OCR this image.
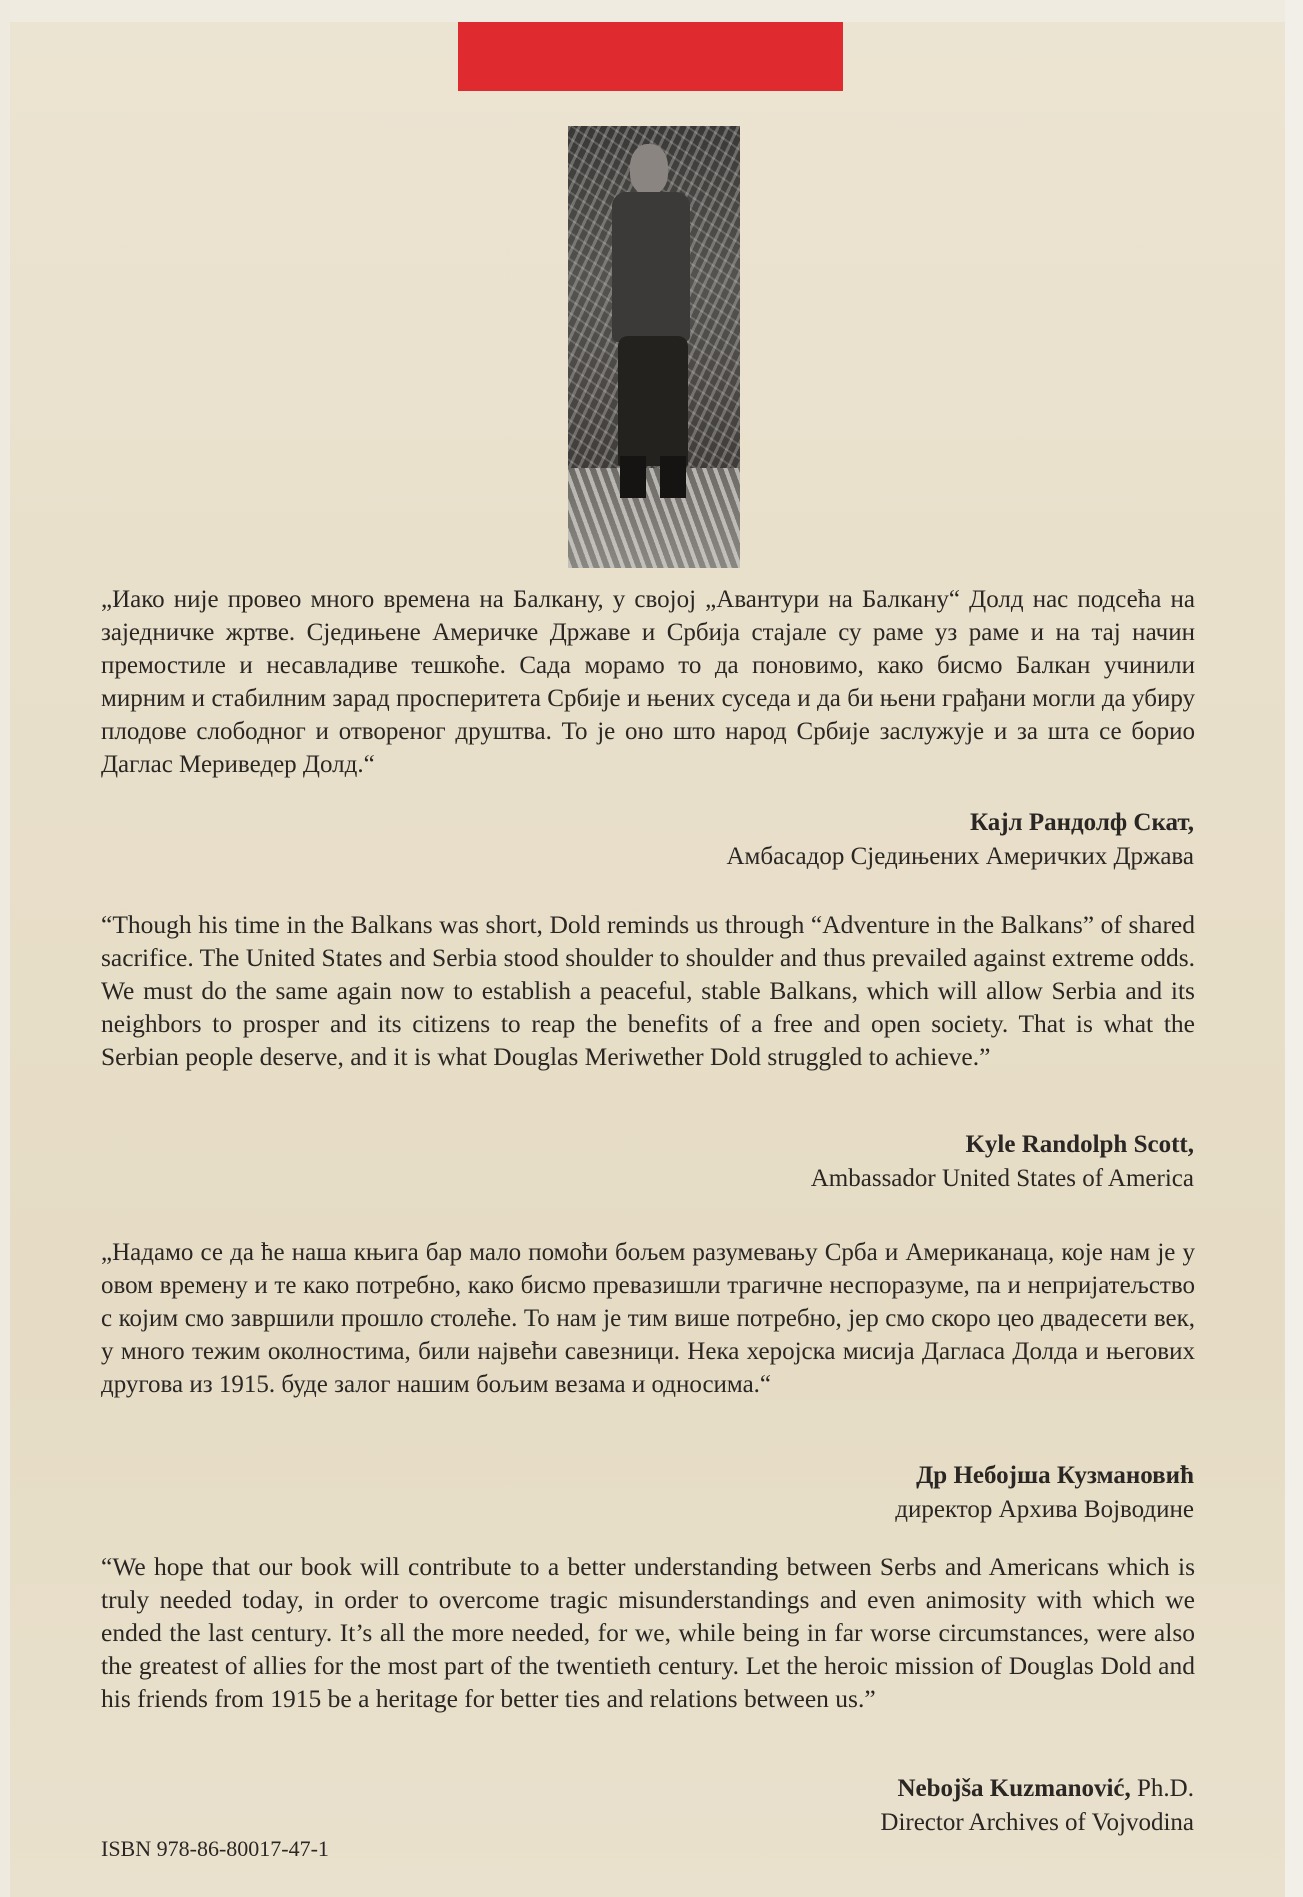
„Иако није провео много времена на Балкану, у својој „Авантури на Балкану“ Долд нас подсећа на заједничке жртве. Сједињене Америчке Државе и Србија стајале су раме уз раме и на тај начин премостиле и несавладиве тешкоће. Сада морамо то да поновимо, како бисмо Балкан учинили мирним и стабилним зарад просперитета Србије и њених суседа и да би њени грађани могли да убиру плодове слободног и отвореног друштва. То је оно што народ Србије заслужује и за шта се борио Даглас Мериведер Долд.“
Кајл Рандолф Скат,
Амбасадор Сједињених Америчких Држава
“Though his time in the Balkans was short, Dold reminds us through “Adventure in the Balkans” of shared sacrifice. The United States and Serbia stood shoulder to shoulder and thus prevailed against extreme odds. We must do the same again now to establish a peaceful, stable Balkans, which will allow Serbia and its neighbors to prosper and its citizens to reap the benefits of a free and open society. That is what the Serbian people deserve, and it is what Douglas Meriwether Dold struggled to achieve.”
Kyle Randolph Scott,
Ambassador United States of America
„Надамо се да ће наша књига бар мало помоћи бољем разумевању Срба и Американаца, које нам је у овом времену и те како потребно, како бисмо превазишли трагичне неспоразуме, па и непријатељство с којим смо завршили прошло столеће. То нам је тим више потребно, јер смо скоро цео двадесети век, у много тежим околностима, били највећи савезници. Нека херојска мисија Дагласа Долда и његових другова из 1915. буде залог нашим бољим везама и односима.“
Др Небојша Кузмановић
директор Архива Војводине
“We hope that our book will contribute to a better understanding between Serbs and Americans which is truly needed today, in order to overcome tragic misunderstandings and even animosity with which we ended the last century. It’s all the more needed, for we, while being in far worse circumstances, were also the greatest of allies for the most part of the twentieth century. Let the heroic mission of Douglas Dold and his friends from 1915 be a heritage for better ties and relations between us.”
Nebojša Kuzmanović, Ph.D.
Director Archives of Vojvodina
ISBN 978-86-80017-47-1
